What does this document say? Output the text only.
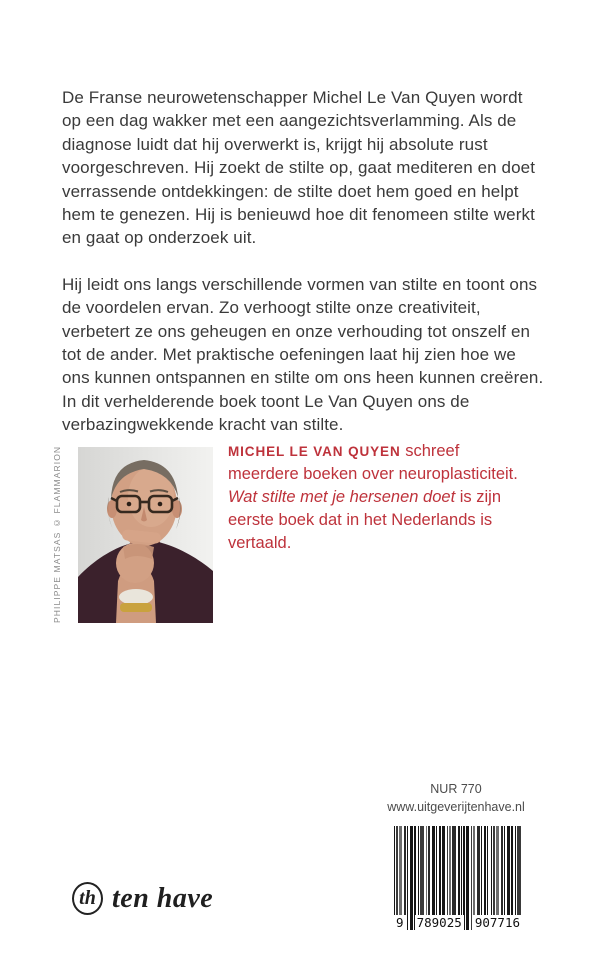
De Franse neurowetenschapper Michel Le Van Quyen wordt op een dag wakker met een aangezichtsverlamming. Als de diagnose luidt dat hij overwerkt is, krijgt hij absolute rust voorgeschreven. Hij zoekt de stilte op, gaat mediteren en doet verrassende ontdekkingen: de stilte doet hem goed en helpt hem te genezen. Hij is benieuwd hoe dit fenomeen stilte werkt en gaat op onderzoek uit.

Hij leidt ons langs verschillende vormen van stilte en toont ons de voordelen ervan. Zo verhoogt stilte onze creativiteit, verbetert ze ons geheugen en onze verhouding tot onszelf en tot de ander. Met praktische oefeningen laat hij zien hoe we ons kunnen ontspannen en stilte om ons heen kunnen creëren. In dit verhelderende boek toont Le Van Quyen ons de verbazingwekkende kracht van stilte.

PHILIPPE MATSAS © FLAMMARION	MICHEL LE VAN QUYEN schreef meerdere boeken over neuroplasticiteit. Wat stilte met je hersenen doet is zijn eerste boek dat in het Nederlands is vertaald.
NUR 770
www.uitgeverijtenhave.nl
9 789025 907716
th ten have
